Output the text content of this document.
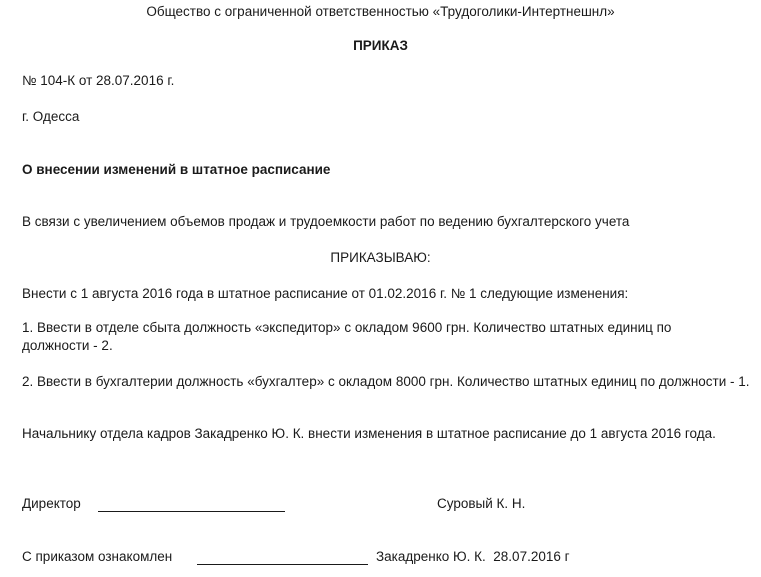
Общество с ограниченной ответственностью «Трудоголики-Интертнешнл»
ПРИКАЗ
№ 104-К от 28.07.2016 г.
г. Одесса
О внесении изменений в штатное расписание
В связи с увеличением объемов продаж и трудоемкости работ по ведению бухгалтерского учета
ПРИКАЗЫВАЮ:
Внести с 1 августа 2016 года в штатное расписание от 01.02.2016 г. № 1 следующие изменения:
1. Ввести в отделе сбыта должность «экспедитор» с окладом 9600 грн. Количество штатных единиц по должности - 2.
2. Ввести в бухгалтерии должность «бухгалтер» с окладом 8000 грн. Количество штатных единиц по должности - 1.
Начальнику отдела кадров Закадренко Ю. К. внести изменения в штатное расписание до 1 августа 2016 года.
Директор	Суровый К. Н.
С приказом ознакомлен	Закадренко Ю. К.  28.07.2016 г
